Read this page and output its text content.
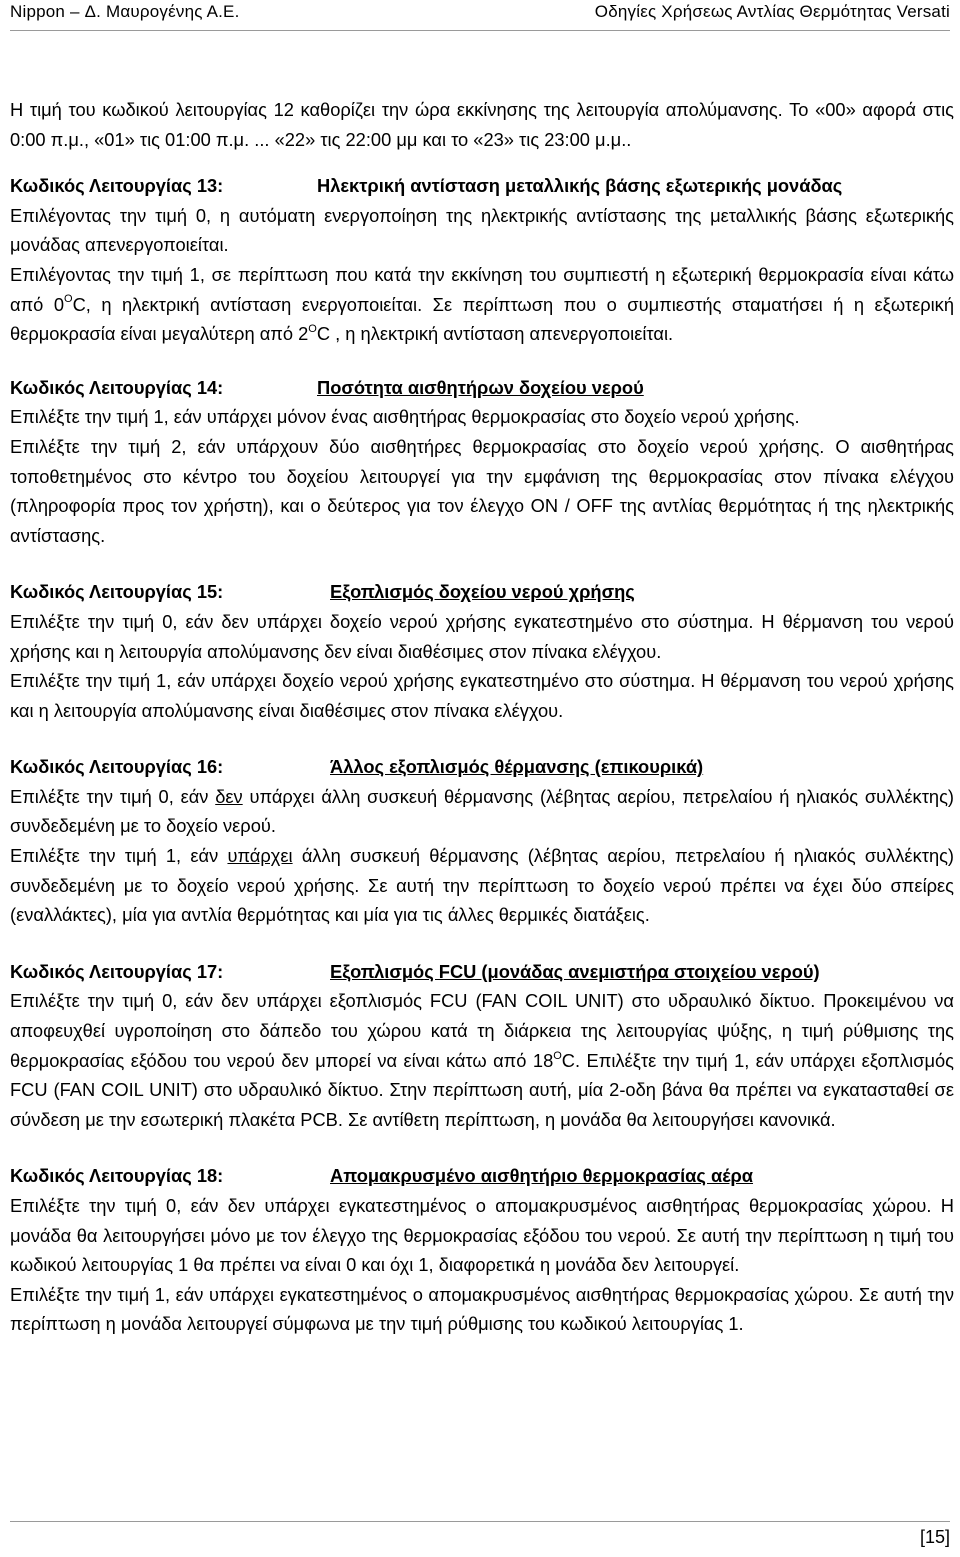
Nippon – Δ. Μαυρογένης Α.Ε.	Οδηγίες Χρήσεως Αντλίας Θερμότητας Versati

Η τιμή του κωδικού λειτουργίας 12 καθορίζει την ώρα εκκίνησης της λειτουργία απολύμανσης. Το «00» αφορά στις 0:00 π.μ., «01» τις 01:00 π.μ. ... «22» τις 22:00 μμ και το «23» τις 23:00 μ.μ..

Κωδικός Λειτουργίας 13:	Ηλεκτρική αντίσταση μεταλλικής βάσης εξωτερικής μονάδας

Επιλέγοντας την τιμή 0, η αυτόματη ενεργοποίηση της ηλεκτρικής αντίστασης της μεταλλικής βάσης εξωτερικής μονάδας απενεργοποιείται.

Επιλέγοντας την τιμή 1, σε περίπτωση που κατά την εκκίνηση του συμπιεστή η εξωτερική θερμοκρασία είναι κάτω από $0^OC$, η ηλεκτρική αντίσταση ενεργοποιείται. Σε περίπτωση που ο συμπιεστής σταματήσει ή η εξωτερική θερμοκρασία είναι μεγαλύτερη από $2^OC$ , η ηλεκτρική αντίσταση απενεργοποιείται.

Κωδικός Λειτουργίας 14:	Ποσότητα αισθητήρων δοχείου νερού

Επιλέξτε την τιμή 1, εάν υπάρχει μόνον ένας αισθητήρας θερμοκρασίας στο δοχείο νερού χρήσης.

Επιλέξτε την τιμή 2, εάν υπάρχουν δύο αισθητήρες θερμοκρασίας στο δοχείο νερού χρήσης. Ο αισθητήρας τοποθετημένος στο κέντρο του δοχείου λειτουργεί για την εμφάνιση της θερμοκρασίας στον πίνακα ελέγχου (πληροφορία προς τον χρήστη), και ο δεύτερος για τον έλεγχο ON / OFF της αντλίας θερμότητας ή της ηλεκτρικής αντίστασης.

Κωδικός Λειτουργίας 15:	Εξοπλισμός δοχείου νερού χρήσης

Επιλέξτε την τιμή 0, εάν δεν υπάρχει δοχείο νερού χρήσης εγκατεστημένο στο σύστημα. Η θέρμανση του νερού χρήσης και η λειτουργία απολύμανσης δεν είναι διαθέσιμες στον πίνακα ελέγχου.

Επιλέξτε την τιμή 1, εάν υπάρχει δοχείο νερού χρήσης εγκατεστημένο στο σύστημα. Η θέρμανση του νερού χρήσης και η λειτουργία απολύμανσης είναι διαθέσιμες στον πίνακα ελέγχου.

Κωδικός Λειτουργίας 16:	Άλλος εξοπλισμός θέρμανσης (επικουρικά)

Επιλέξτε την τιμή 0, εάν δεν υπάρχει άλλη συσκευή θέρμανσης (λέβητας αερίου, πετρελαίου ή ηλιακός συλλέκτης) συνδεδεμένη με το δοχείο νερού.

Επιλέξτε την τιμή 1, εάν υπάρχει άλλη συσκευή θέρμανσης (λέβητας αερίου, πετρελαίου ή ηλιακός συλλέκτης) συνδεδεμένη με το δοχείο νερού χρήσης. Σε αυτή την περίπτωση το δοχείο νερού πρέπει να έχει δύο σπείρες (εναλλάκτες), μία για αντλία θερμότητας και μία για τις άλλες θερμικές διατάξεις.

Κωδικός Λειτουργίας 17:	Εξοπλισμός FCU (μονάδας ανεμιστήρα στοιχείου νερού)

Επιλέξτε την τιμή 0, εάν δεν υπάρχει εξοπλισμός FCU (FAN COIL UNIT) στο υδραυλικό δίκτυο. Προκειμένου να αποφευχθεί υγροποίηση στο δάπεδο του χώρου κατά τη διάρκεια της λειτουργίας ψύξης, η τιμή ρύθμισης της θερμοκρασίας εξόδου του νερού δεν μπορεί να είναι κάτω από $18^OC$. Επιλέξτε την τιμή 1, εάν υπάρχει εξοπλισμός FCU (FAN COIL UNIT) στο υδραυλικό δίκτυο. Στην περίπτωση αυτή, μία 2-οδη βάνα θα πρέπει να εγκατασταθεί σε σύνδεση με την εσωτερική πλακέτα PCB. Σε αντίθετη περίπτωση, η μονάδα θα λειτουργήσει κανονικά.

Κωδικός Λειτουργίας 18:	Απομακρυσμένο αισθητήριο θερμοκρασίας αέρα

Επιλέξτε την τιμή 0, εάν δεν υπάρχει εγκατεστημένος ο απομακρυσμένος αισθητήρας θερμοκρασίας χώρου. Η μονάδα θα λειτουργήσει μόνο με τον έλεγχο της θερμοκρασίας εξόδου του νερού. Σε αυτή την περίπτωση η τιμή του κωδικού λειτουργίας 1 θα πρέπει να είναι 0 και όχι 1, διαφορετικά η μονάδα δεν λειτουργεί.

Επιλέξτε την τιμή 1, εάν υπάρχει εγκατεστημένος ο απομακρυσμένος αισθητήρας θερμοκρασίας χώρου. Σε αυτή την περίπτωση η μονάδα λειτουργεί σύμφωνα με την τιμή ρύθμισης του κωδικού λειτουργίας 1.

[15]
